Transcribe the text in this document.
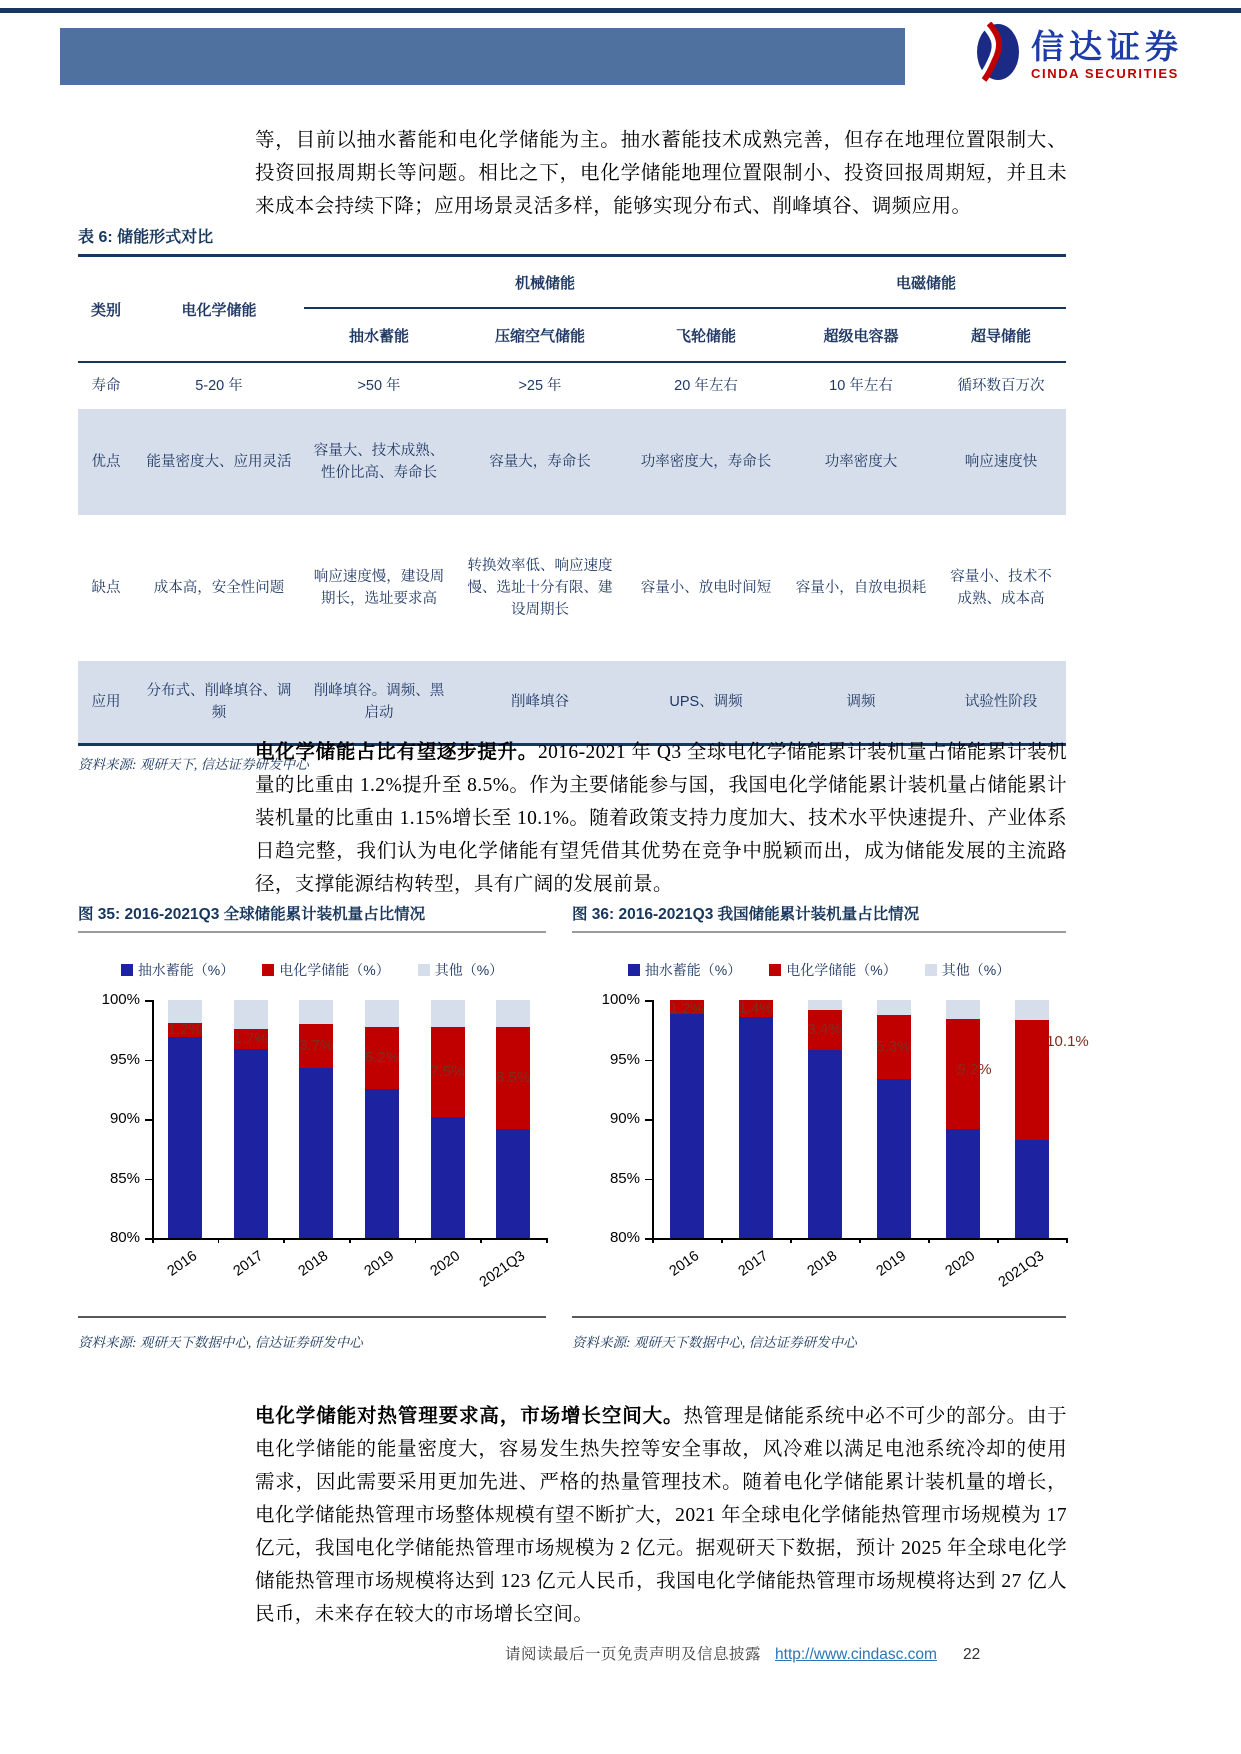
信达证券
CINDA SECURITIES

等，目前以抽水蓄能和电化学储能为主。抽水蓄能技术成熟完善，但存在地理位置限制大、投资回报周期长等问题。相比之下，电化学储能地理位置限制小、投资回报周期短，并且未来成本会持续下降；应用场景灵活多样，能够实现分布式、削峰填谷、调频应用。

表 6: 储能形式对比

类别	电化学储能	机械储能			电磁储能	
		抽水蓄能	压缩空气储能	飞轮储能	超级电容器	超导储能
寿命	5-20 年	>50 年	>25 年	20 年左右	10 年左右	循环数百万次
优点	能量密度大、应用灵活	容量大、技术成熟、性价比高、寿命长	容量大，寿命长	功率密度大，寿命长	功率密度大	响应速度快
缺点	成本高，安全性问题	响应速度慢，建设周期长，选址要求高	转换效率低、响应速度慢、选址十分有限、建设周期长	容量小、放电时间短	容量小，自放电损耗	容量小、技术不成熟、成本高
应用	分布式、削峰填谷、调频	削峰填谷。调频、黑启动	削峰填谷	UPS、调频	调频	试验性阶段

资料来源: 观研天下, 信达证券研发中心

电化学储能占比有望逐步提升。2016-2021 年 Q3 全球电化学储能累计装机量占储能累计装机量的比重由 1.2%提升至 8.5%。作为主要储能参与国，我国电化学储能累计装机量占储能累计装机量的比重由 1.15%增长至 10.1%。随着政策支持力度加大、技术水平快速提升、产业体系日趋完整，我们认为电化学储能有望凭借其优势在竞争中脱颖而出，成为储能发展的主流路径，支撑能源结构转型，具有广阔的发展前景。

图 35: 2016-2021Q3 全球储能累计装机量占比情况
抽水蓄能（%）	电化学储能（%）	其他（%）
100%
95%
90%
85%
80%
1.2%
2016
1.7%
2017
3.7%
2018
5.2%
2019
7.5%
2020
8.5%
2021Q3

资料来源: 观研天下数据中心, 信达证券研发中心

图 36: 2016-2021Q3 我国储能累计装机量占比情况
抽水蓄能（%）	电化学储能（%）	其他（%）
100%
95%
90%
85%
80%
1.2%
2016
1.4%
2017
3.4%
2018
5.3%
2019
9.2%
2020
10.1%
2021Q3

资料来源: 观研天下数据中心, 信达证券研发中心

电化学储能对热管理要求高，市场增长空间大。热管理是储能系统中必不可少的部分。由于电化学储能的能量密度大，容易发生热失控等安全事故，风冷难以满足电池系统冷却的使用需求，因此需要采用更加先进、严格的热量管理技术。随着电化学储能累计装机量的增长，电化学储能热管理市场整体规模有望不断扩大，2021 年全球电化学储能热管理市场规模为 17 亿元，我国电化学储能热管理市场规模为 2 亿元。据观研天下数据，预计 2025 年全球电化学储能热管理市场规模将达到 123 亿元人民币，我国电化学储能热管理市场规模将达到 27 亿人民币，未来存在较大的市场增长空间。

请阅读最后一页免责声明及信息披露 http://www.cindasc.com 22
